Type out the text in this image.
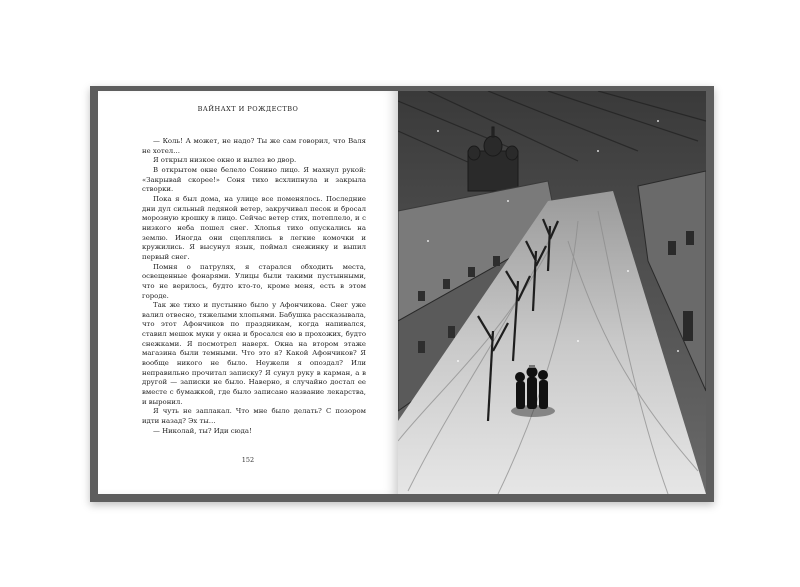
ВАЙНАХТ И РОЖДЕСТВО

— Коль! А может, не надо? Ты же сам говорил, что Валя не хотел…

Я открыл низкое окно и вылез во двор.

В открытом окне белело Сонино лицо. Я махнул рукой: «Закрывай скорее!» Соня тихо всхлипнула и закрыла створки.

Пока я был дома, на улице все поменялось. Последние дни дул сильный ледяной ветер, закручивал песок и бросал морозную крошку в лицо. Сейчас ветер стих, потеплело, и с низкого неба пошел снег. Хлопья тихо опускались на землю. Иногда они сцеплялись в легкие комочки и кружились. Я высунул язык, поймал снежинку и выпил первый снег.

Помня о патрулях, я старался обходить места, освещенные фонарями. Улицы были такими пустынными, что не верилось, будто кто-то, кроме меня, есть в этом городе.

Так же тихо и пустынно было у Афончикова. Снег уже валил отвесно, тяжелыми хлопьями. Бабушка рассказывала, что этот Афончиков по праздникам, когда напивался, ставил мешок муки у окна и бросался ею в прохожих, будто снежками. Я посмотрел наверх. Окна на втором этаже магазина были темными. Что это я? Какой Афончиков? Я вообще никого не было. Неужели я опоздал? Или неправильно прочитал записку? Я сунул руку в карман, а в другой — записки не было. Наверно, я случайно достал ее вместе с бумажкой, где было записано название лекарства, и выронил.

Я чуть не заплакал. Что мне было делать? С позором идти назад? Эх ты…

— Николай, ты? Иди сюда!

152
